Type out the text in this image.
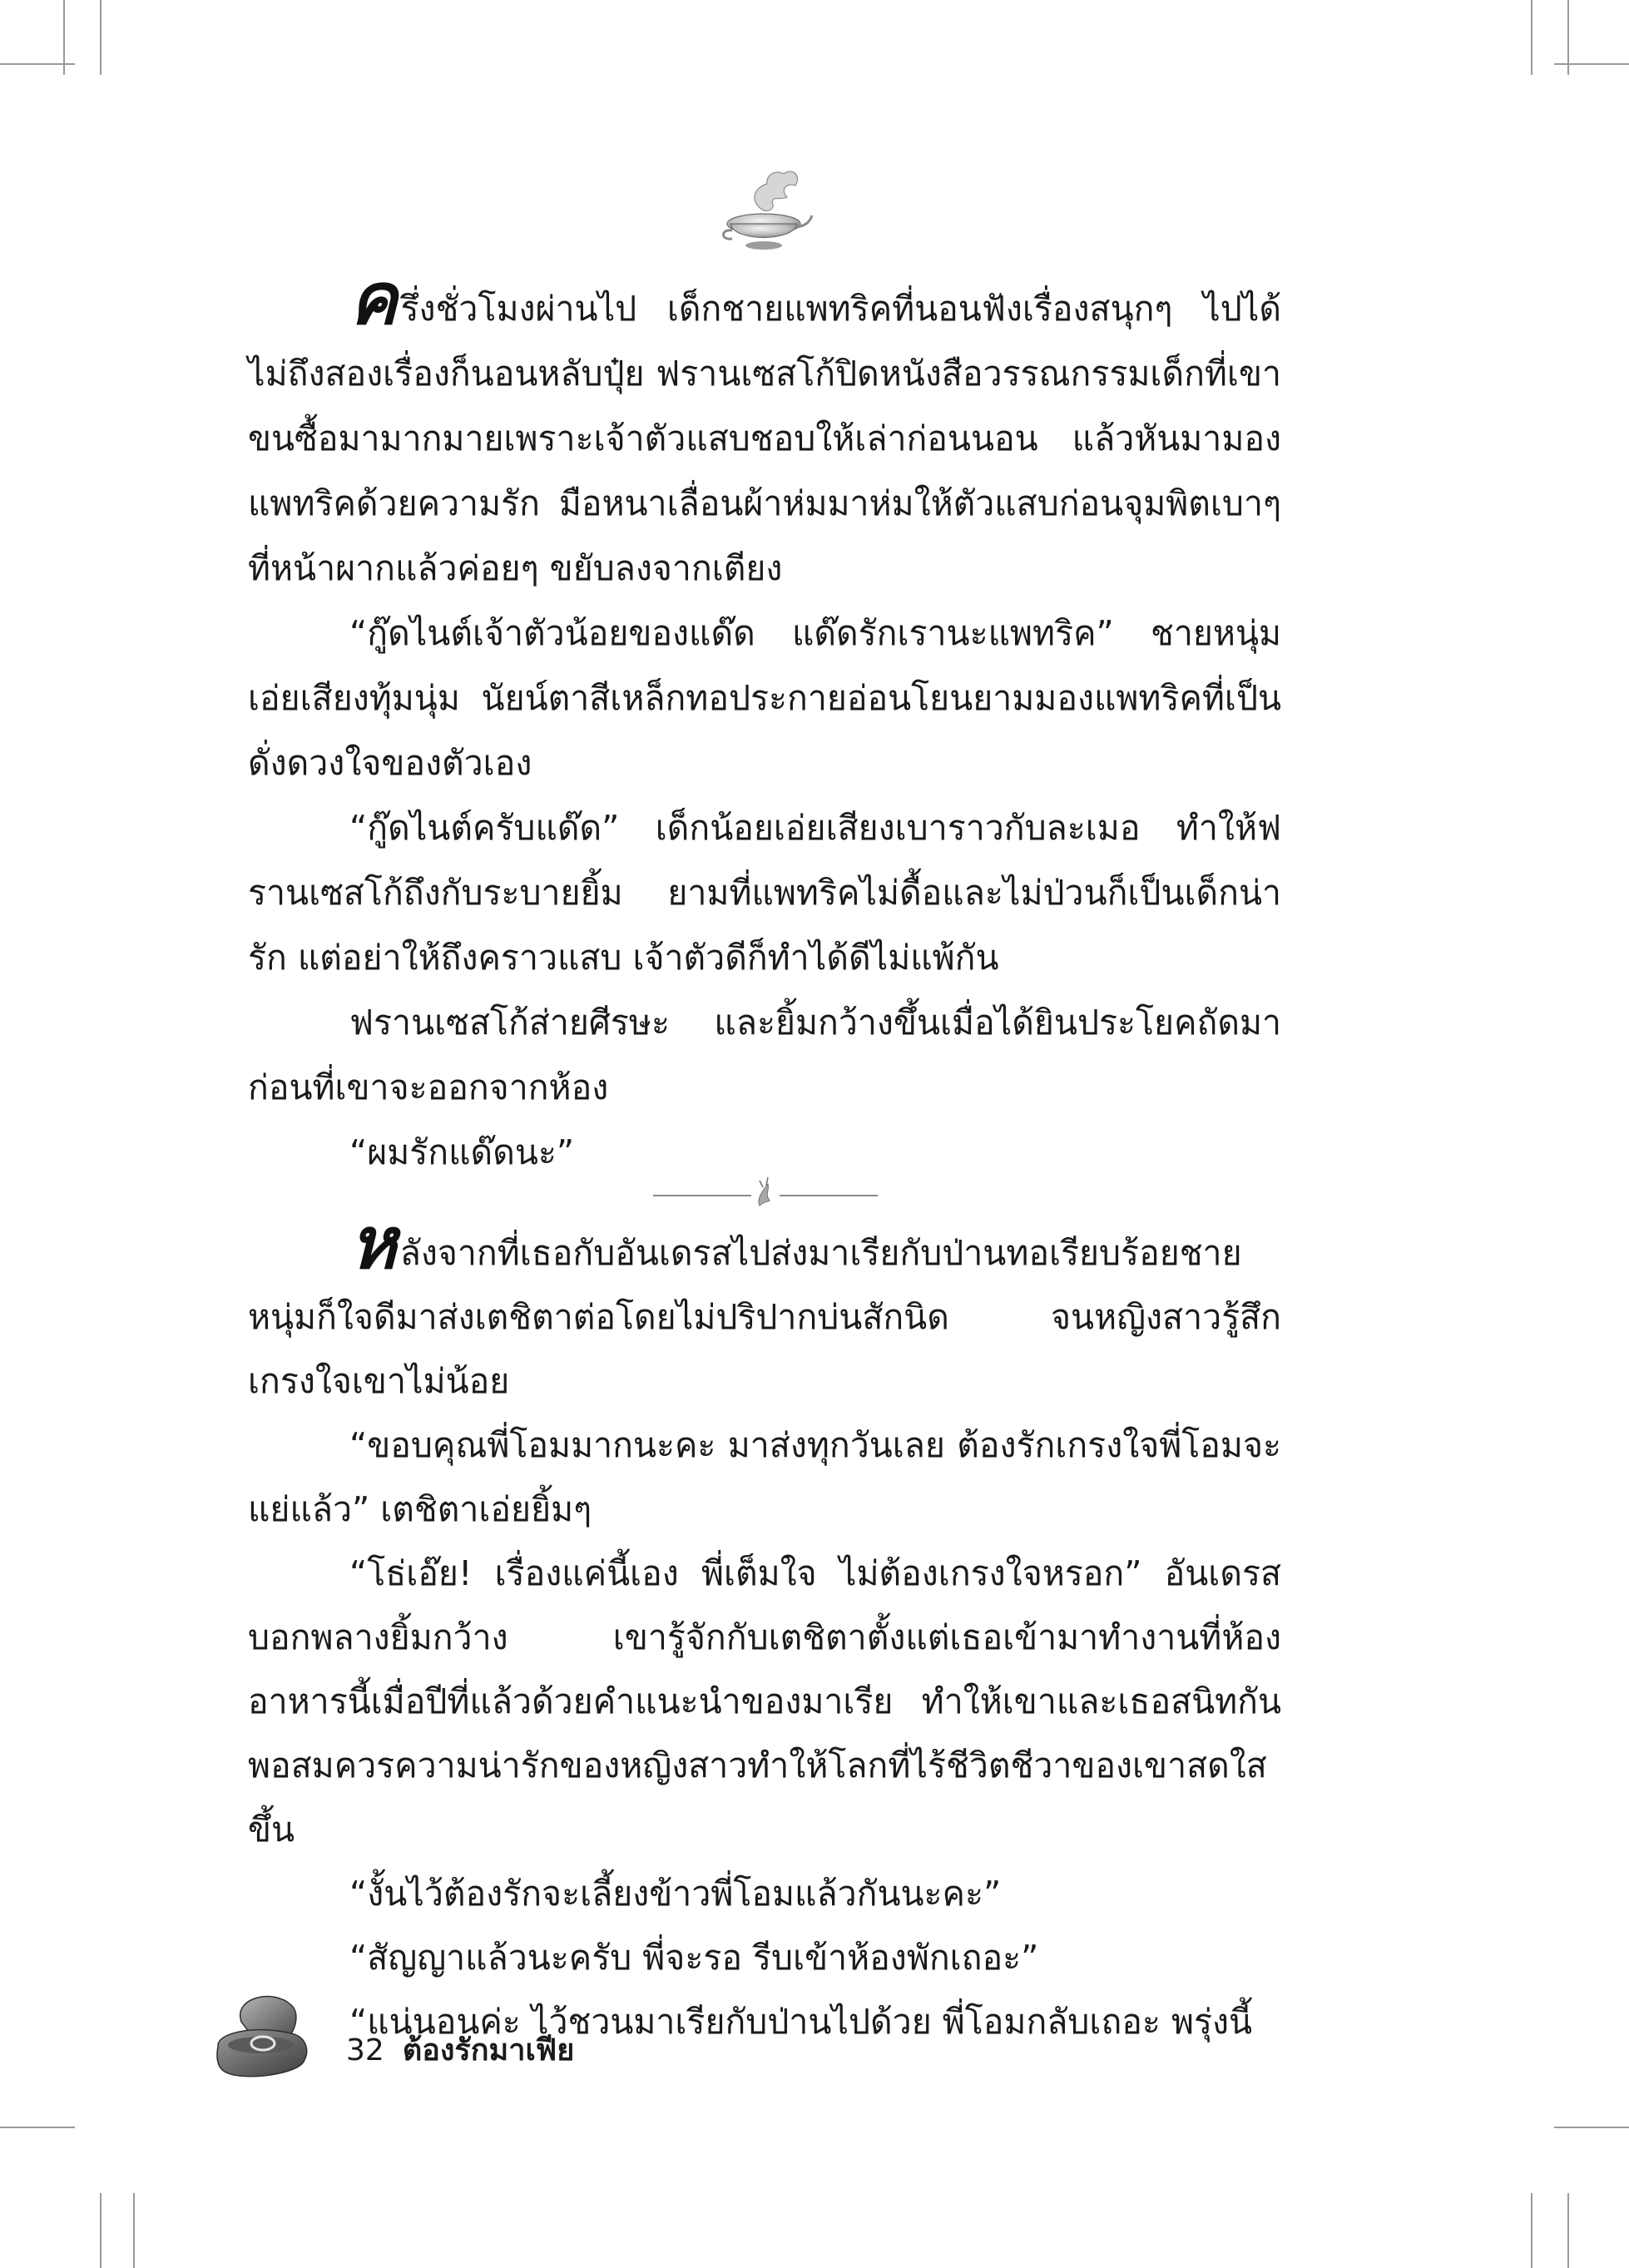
ครึ่งชั่วโมงผ่านไป เด็กชายแพทริคที่นอนฟังเรื่องสนุกๆ ไปได้ไม่ถึงสองเรื่องก็นอนหลับปุ๋ย ฟรานเซสโก้ปิดหนังสือวรรณกรรมเด็กที่เขาขนซื้อมามากมายเพราะเจ้าตัวแสบชอบให้เล่าก่อนนอน แล้วหันมามองแพทริคด้วยความรัก มือหนาเลื่อนผ้าห่มมาห่มให้ตัวแสบก่อนจุมพิตเบาๆ ที่หน้าผากแล้วค่อยๆ ขยับลงจากเตียง

“กู๊ดไนต์เจ้าตัวน้อยของแด๊ด แด๊ดรักเรานะแพทริค” ชายหนุ่มเอ่ยเสียงทุ้มนุ่ม นัยน์ตาสีเหล็กทอประกายอ่อนโยนยามมองแพทริคที่เป็นดั่งดวงใจของตัวเอง

“กู๊ดไนต์ครับแด๊ด” เด็กน้อยเอ่ยเสียงเบาราวกับละเมอ ทำให้ฟรานเซสโก้ถึงกับระบายยิ้ม ยามที่แพทริคไม่ดื้อและไม่ป่วนก็เป็นเด็กน่ารัก แต่อย่าให้ถึงคราวแสบ เจ้าตัวดีก็ทำได้ดีไม่แพ้กัน

ฟรานเซสโก้ส่ายศีรษะ และยิ้มกว้างขึ้นเมื่อได้ยินประโยคถัดมาก่อนที่เขาจะออกจากห้อง

“ผมรักแด๊ดนะ”

หลังจากที่เธอกับอันเดรสไปส่งมาเรียกับป่านทอเรียบร้อยชายหนุ่มก็ใจดีมาส่งเตชิตาต่อโดยไม่ปริปากบ่นสักนิด จนหญิงสาวรู้สึกเกรงใจเขาไม่น้อย

“ขอบคุณพี่โอมมากนะคะ มาส่งทุกวันเลย ต้องรักเกรงใจพี่โอมจะแย่แล้ว” เตชิตาเอ่ยยิ้มๆ

“โธ่เอ๊ย! เรื่องแค่นี้เอง พี่เต็มใจ ไม่ต้องเกรงใจหรอก” อันเดรสบอกพลางยิ้มกว้าง เขารู้จักกับเตชิตาตั้งแต่เธอเข้ามาทำงานที่ห้องอาหารนี้เมื่อปีที่แล้วด้วยคำแนะนำของมาเรีย ทำให้เขาและเธอสนิทกันพอสมควรความน่ารักของหญิงสาวทำให้โลกที่ไร้ชีวิตชีวาของเขาสดใสขึ้น

“งั้นไว้ต้องรักจะเลี้ยงข้าวพี่โอมแล้วกันนะคะ”

“สัญญาแล้วนะครับ พี่จะรอ รีบเข้าห้องพักเถอะ”

“แน่นอนค่ะ ไว้ชวนมาเรียกับป่านไปด้วย พี่โอมกลับเถอะ พรุ่งนี้

32 ต้องรักมาเฟีย
